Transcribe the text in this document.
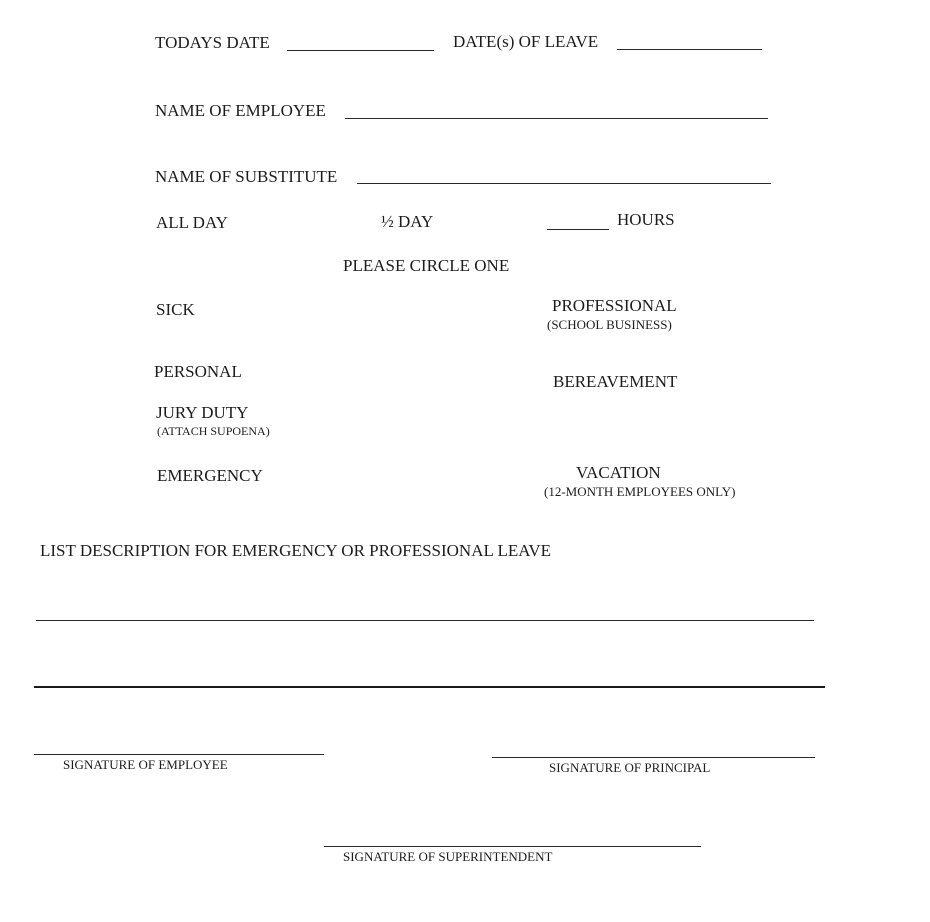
TODAYS DATE	DATE(s) OF LEAVE
NAME OF EMPLOYEE
NAME OF SUBSTITUTE
ALL DAY	½ DAY	HOURS
PLEASE CIRCLE ONE
SICK	PROFESSIONAL
(SCHOOL BUSINESS)
PERSONAL
BEREAVEMENT
JURY DUTY
(ATTACH SUPOENA)
EMERGENCY	VACATION
(12-MONTH EMPLOYEES ONLY)
LIST DESCRIPTION FOR EMERGENCY OR PROFESSIONAL LEAVE
SIGNATURE OF EMPLOYEE	SIGNATURE OF PRINCIPAL
SIGNATURE OF SUPERINTENDENT
